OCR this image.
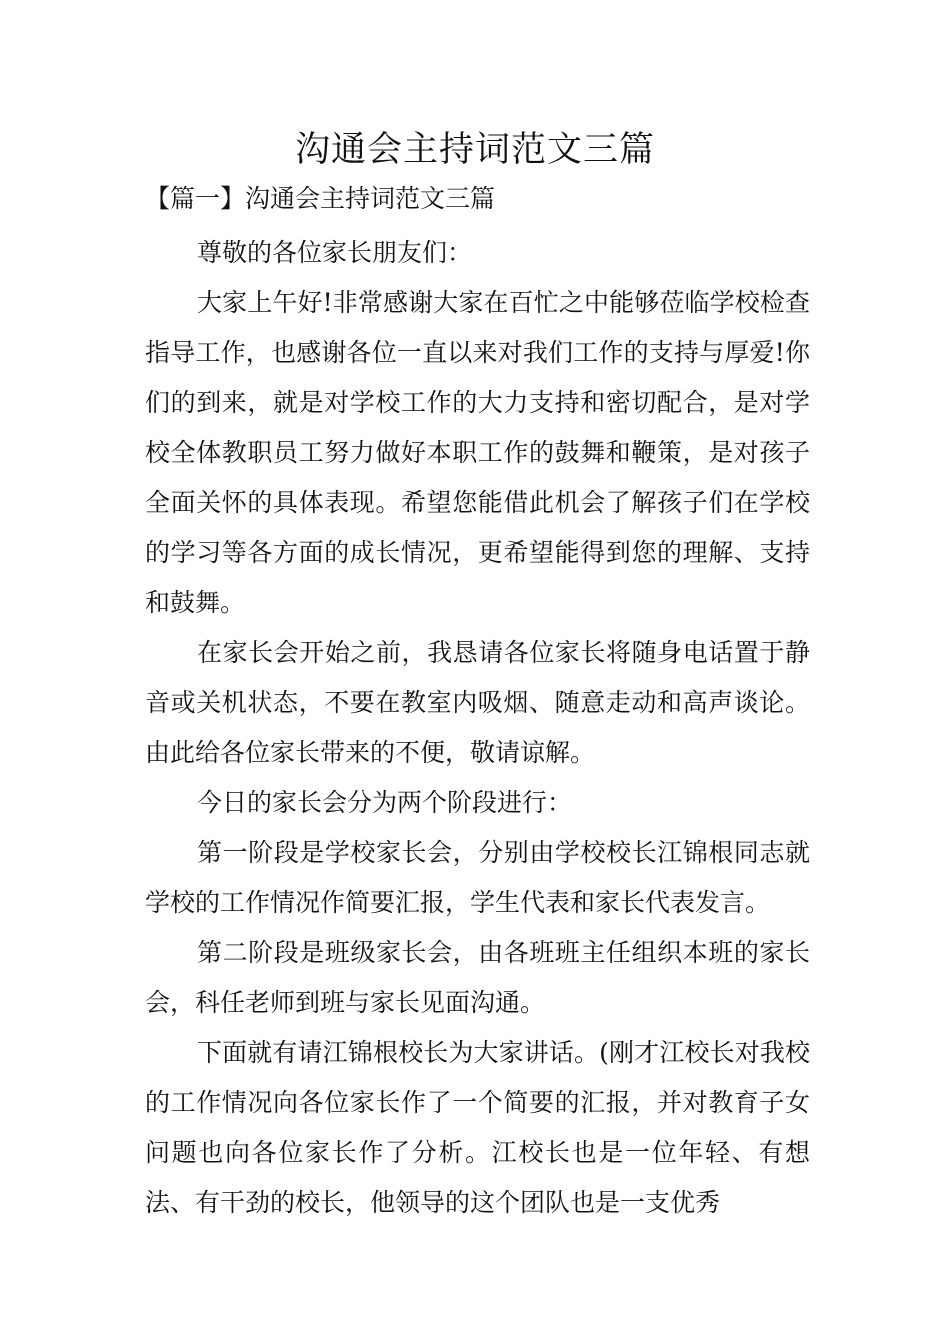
沟通会主持词范文三篇

【篇一】沟通会主持词范文三篇

尊敬的各位家长朋友们：

大家上午好!非常感谢大家在百忙之中能够莅临学校检查指导工作，也感谢各位一直以来对我们工作的支持与厚爱!你们的到来，就是对学校工作的大力支持和密切配合，是对学校全体教职员工努力做好本职工作的鼓舞和鞭策，是对孩子全面关怀的具体表现。希望您能借此机会了解孩子们在学校的学习等各方面的成长情况，更希望能得到您的理解、支持和鼓舞。

在家长会开始之前，我恳请各位家长将随身电话置于静音或关机状态，不要在教室内吸烟、随意走动和高声谈论。由此给各位家长带来的不便，敬请谅解。

今日的家长会分为两个阶段进行：

第一阶段是学校家长会，分别由学校校长江锦根同志就学校的工作情况作简要汇报，学生代表和家长代表发言。

第二阶段是班级家长会，由各班班主任组织本班的家长会，科任老师到班与家长见面沟通。

下面就有请江锦根校长为大家讲话。(刚才江校长对我校的工作情况向各位家长作了一个简要的汇报，并对教育子女问题也向各位家长作了分析。江校长也是一位年轻、有想法、有干劲的校长，他领导的这个团队也是一支优秀
